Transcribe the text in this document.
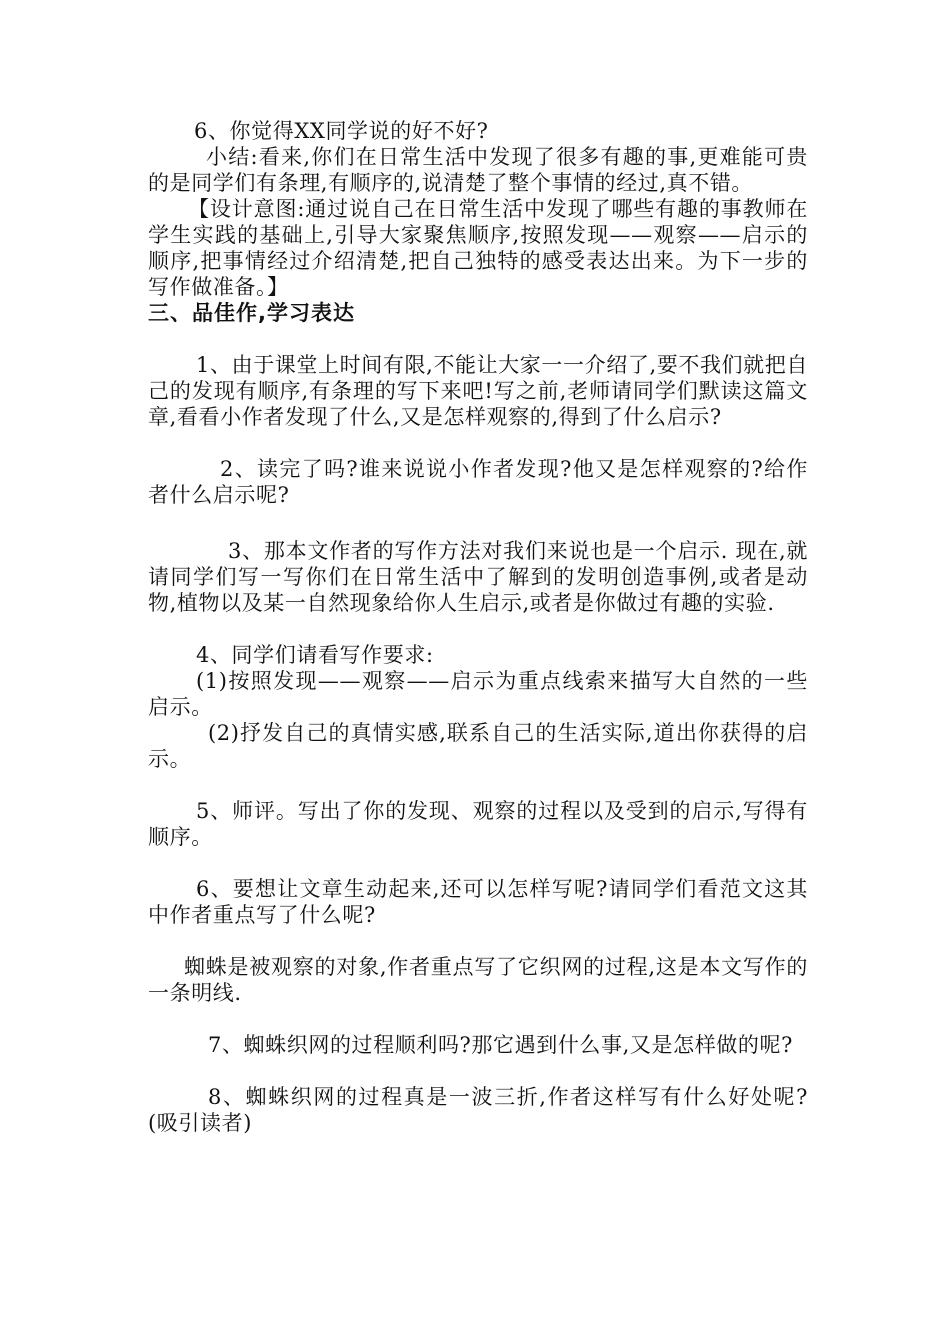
6、你觉得XX同学说的好不好?

小结:看来,你们在日常生活中发现了很多有趣的事,更难能可贵的是同学们有条理,有顺序的,说清楚了整个事情的经过,真不错。

【设计意图:通过说自己在日常生活中发现了哪些有趣的事教师在学生实践的基础上,引导大家聚焦顺序,按照发现——观察——启示的顺序,把事情经过介绍清楚,把自己独特的感受表达出来。为下一步的写作做准备。】

三、品佳作,学习表达

1、由于课堂上时间有限,不能让大家一一介绍了,要不我们就把自己的发现有顺序,有条理的写下来吧!写之前,老师请同学们默读这篇文章,看看小作者发现了什么,又是怎样观察的,得到了什么启示?

2、读完了吗?谁来说说小作者发现?他又是怎样观察的?给作者什么启示呢?

3、那本文作者的写作方法对我们来说也是一个启示. 现在,就请同学们写一写你们在日常生活中了解到的发明创造事例,或者是动物,植物以及某一自然现象给你人生启示,或者是你做过有趣的实验.

4、同学们请看写作要求:

(1)按照发现——观察——启示为重点线索来描写大自然的一些启示。

(2)抒发自己的真情实感,联系自己的生活实际,道出你获得的启示。

5、师评。写出了你的发现、观察的过程以及受到的启示,写得有顺序。

6、要想让文章生动起来,还可以怎样写呢?请同学们看范文这其中作者重点写了什么呢?

蜘蛛是被观察的对象,作者重点写了它织网的过程,这是本文写作的一条明线.

7、蜘蛛织网的过程顺利吗?那它遇到什么事,又是怎样做的呢?

8、蜘蛛织网的过程真是一波三折,作者这样写有什么好处呢?(吸引读者)
